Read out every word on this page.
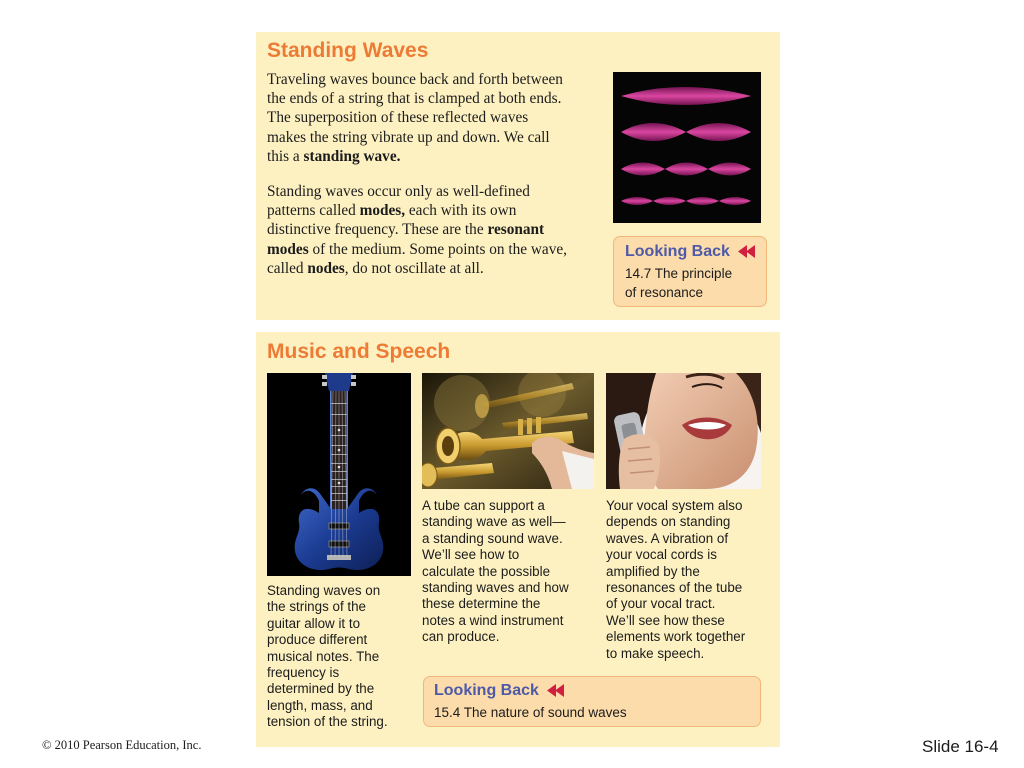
Standing Waves

Traveling waves bounce back and forth between
the ends of a string that is clamped at both ends.
The superposition of these reflected waves
makes the string vibrate up and down. We call
this a standing wave.

Standing waves occur only as well-defined
patterns called modes, each with its own
distinctive frequency. These are the resonant
modes of the medium. Some points on the wave,
called nodes, do not oscillate at all.

Looking Back

14.7 The principle
of resonance

Music and Speech

Standing waves on
the strings of the
guitar allow it to
produce different
musical notes. The
frequency is
determined by the
length, mass, and
tension of the string.

A tube can support a
standing wave as well—
a standing sound wave.
We’ll see how to
calculate the possible
standing waves and how
these determine the
notes a wind instrument
can produce.

Your vocal system also
depends on standing
waves. A vibration of
your vocal cords is
amplified by the
resonances of the tube
of your vocal tract.
We’ll see how these
elements work together
to make speech.

Looking Back

15.4 The nature of sound waves

© 2010 Pearson Education, Inc.	Slide 16-4
